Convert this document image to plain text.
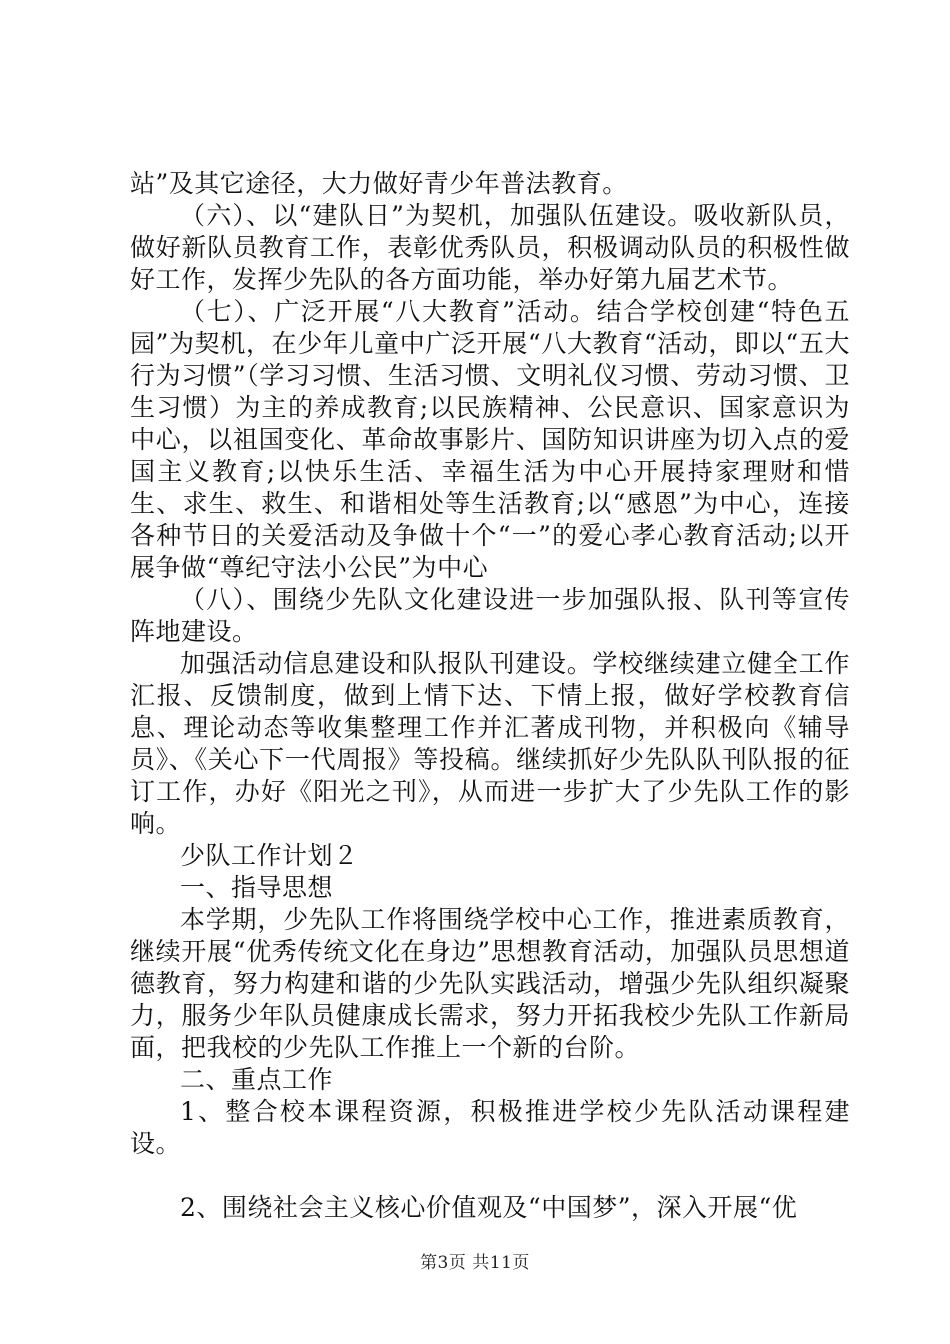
站”及其它途径，大力做好青少年普法教育。

（六）、以“建队日”为契机，加强队伍建设。吸收新队员，做好新队员教育工作，表彰优秀队员，积极调动队员的积极性做好工作，发挥少先队的各方面功能，举办好第九届艺术节。

（七）、广泛开展“八大教育”活动。结合学校创建“特色五园”为契机，在少年儿童中广泛开展“八大教育“活动，即以“五大行为习惯”（学习习惯、生活习惯、文明礼仪习惯、劳动习惯、卫生习惯）为主的养成教育;以民族精神、公民意识、国家意识为中心，以祖国变化、革命故事影片、国防知识讲座为切入点的爱国主义教育;以快乐生活、幸福生活为中心开展持家理财和惜生、求生、救生、和谐相处等生活教育;以“感恩”为中心，连接各种节日的关爱活动及争做十个“一”的爱心孝心教育活动;以开展争做“尊纪守法小公民”为中心

（八）、围绕少先队文化建设进一步加强队报、队刊等宣传阵地建设。

加强活动信息建设和队报队刊建设。学校继续建立健全工作汇报、反馈制度，做到上情下达、下情上报，做好学校教育信息、理论动态等收集整理工作并汇著成刊物，并积极向《辅导员》、《关心下一代周报》等投稿。继续抓好少先队队刊队报的征订工作，办好《阳光之刊》，从而进一步扩大了少先队工作的影响。

少队工作计划２

一、指导思想

本学期，少先队工作将围绕学校中心工作，推进素质教育，继续开展“优秀传统文化在身边”思想教育活动，加强队员思想道德教育，努力构建和谐的少先队实践活动，增强少先队组织凝聚力，服务少年队员健康成长需求，努力开拓我校少先队工作新局面，把我校的少先队工作推上一个新的台阶。

二、重点工作

1、整合校本课程资源，积极推进学校少先队活动课程建设。

2、围绕社会主义核心价值观及“中国梦”，深入开展“优

第3页 共11页
